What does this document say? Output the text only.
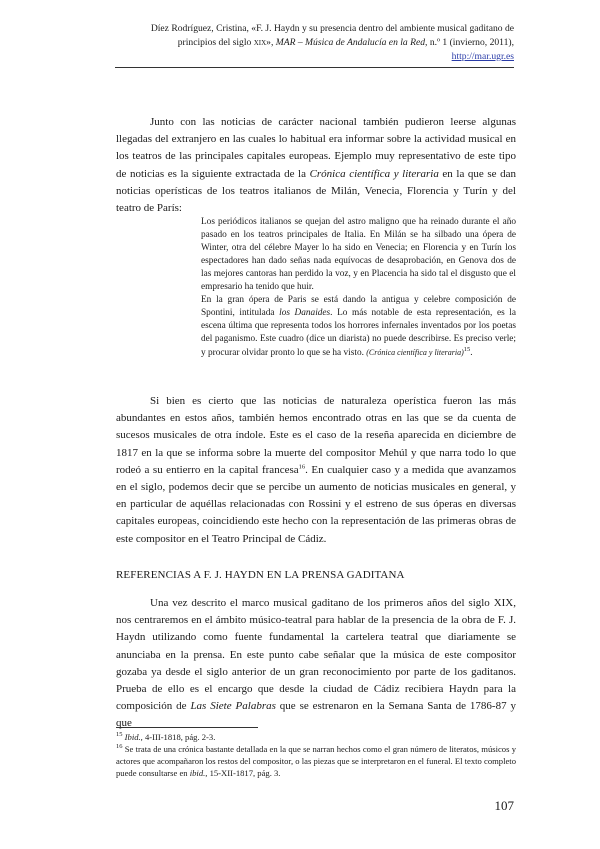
Díez Rodríguez, Cristina, «F. J. Haydn y su presencia dentro del ambiente musical gaditano de
principios del siglo xix», MAR – Música de Andalucía en la Red, n.º 1 (invierno, 2011),
http://mar.ugr.es

Junto con las noticias de carácter nacional también pudieron leerse algunas llegadas del extranjero en las cuales lo habitual era informar sobre la actividad musical en los teatros de las principales capitales europeas. Ejemplo muy representativo de este tipo de noticias es la siguiente extractada de la Crónica científica y literaria en la que se dan noticias operísticas de los teatros italianos de Milán, Venecia, Florencia y Turín y del teatro de París:

Los periódicos italianos se quejan del astro maligno que ha reinado durante el año pasado en los teatros principales de Italia. En Milán se ha silbado una ópera de Winter, otra del célebre Mayer lo ha sido en Venecia; en Florencia y en Turín los espectadores han dado señas nada equívocas de desaprobación, en Genova dos de las mejores cantoras han perdido la voz, y en Placencia ha sido tal el disgusto que el empresario ha tenido que huir.

En la gran ópera de Paris se está dando la antigua y celebre composición de Spontini, intitulada los Danaides. Lo más notable de esta representación, es la escena última que representa todos los horrores infernales inventados por los poetas del paganismo. Este cuadro (dice un diarista) no puede describirse. Es preciso verle; y procurar olvidar pronto lo que se ha visto. (Crónica científica y literaria)$^{15}$.

Si bien es cierto que las noticias de naturaleza operística fueron las más abundantes en estos años, también hemos encontrado otras en las que se da cuenta de sucesos musicales de otra índole. Este es el caso de la reseña aparecida en diciembre de 1817 en la que se informa sobre la muerte del compositor Mehúl y que narra todo lo que rodeó a su entierro en la capital francesa$^{16}$. En cualquier caso y a medida que avanzamos en el siglo, podemos decir que se percibe un aumento de noticias musicales en general, y en particular de aquéllas relacionadas con Rossini y el estreno de sus óperas en diversas capitales europeas, coincidiendo este hecho con la representación de las primeras obras de este compositor en el Teatro Principal de Cádiz.

REFERENCIAS A F. J. HAYDN EN LA PRENSA GADITANA

Una vez descrito el marco musical gaditano de los primeros años del siglo XIX, nos centraremos en el ámbito músico-teatral para hablar de la presencia de la obra de F. J. Haydn utilizando como fuente fundamental la cartelera teatral que diariamente se anunciaba en la prensa. En este punto cabe señalar que la música de este compositor gozaba ya desde el siglo anterior de un gran reconocimiento por parte de los gaditanos. Prueba de ello es el encargo que desde la ciudad de Cádiz recibiera Haydn para la composición de Las Siete Palabras que se estrenaron en la Semana Santa de 1786-87 y que

$^{15}$ Ibid., 4-III-1818, pág. 2-3.

$^{16}$ Se trata de una crónica bastante detallada en la que se narran hechos como el gran número de literatos, músicos y actores que acompañaron los restos del compositor, o las piezas que se interpretaron en el funeral. El texto completo puede consultarse en ibid., 15-XII-1817, pág. 3.

107
